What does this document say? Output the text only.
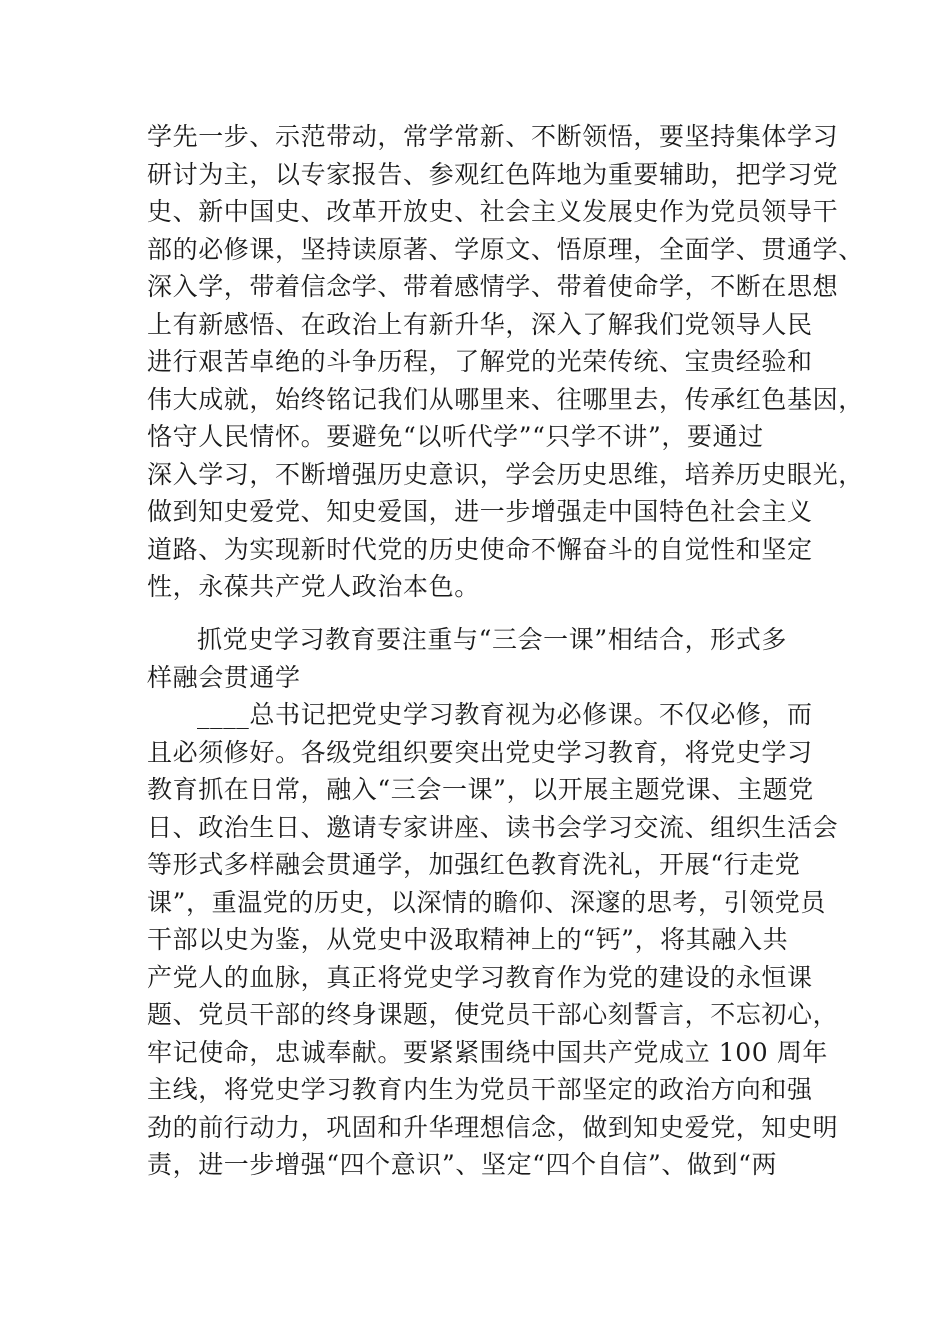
学先一步、示范带动，常学常新、不断领悟，要坚持集体学习
研讨为主，以专家报告、参观红色阵地为重要辅助，把学习党
史、新中国史、改革开放史、社会主义发展史作为党员领导干
部的必修课，坚持读原著、学原文、悟原理，全面学、贯通学、
深入学，带着信念学、带着感情学、带着使命学，不断在思想
上有新感悟、在政治上有新升华，深入了解我们党领导人民
进行艰苦卓绝的斗争历程，了解党的光荣传统、宝贵经验和
伟大成就，始终铭记我们从哪里来、往哪里去，传承红色基因，
恪守人民情怀。要避免“以听代学”“只学不讲”，要通过
深入学习，不断增强历史意识，学会历史思维，培养历史眼光，
做到知史爱党、知史爱国，进一步增强走中国特色社会主义
道路、为实现新时代党的历史使命不懈奋斗的自觉性和坚定
性，永葆共产党人政治本色。
抓党史学习教育要注重与“三会一课”相结合，形式多
样融会贯通学
____总书记把党史学习教育视为必修课。不仅必修，而
且必须修好。各级党组织要突出党史学习教育，将党史学习
教育抓在日常，融入“三会一课”，以开展主题党课、主题党
日、政治生日、邀请专家讲座、读书会学习交流、组织生活会
等形式多样融会贯通学，加强红色教育洗礼，开展“行走党
课”，重温党的历史，以深情的瞻仰、深邃的思考，引领党员
干部以史为鉴，从党史中汲取精神上的“钙”，将其融入共
产党人的血脉，真正将党史学习教育作为党的建设的永恒课
题、党员干部的终身课题，使党员干部心刻誓言，不忘初心，
牢记使命，忠诚奉献。要紧紧围绕中国共产党成立 100 周年
主线，将党史学习教育内生为党员干部坚定的政治方向和强
劲的前行动力，巩固和升华理想信念，做到知史爱党，知史明
责，进一步增强“四个意识”、坚定“四个自信”、做到“两
